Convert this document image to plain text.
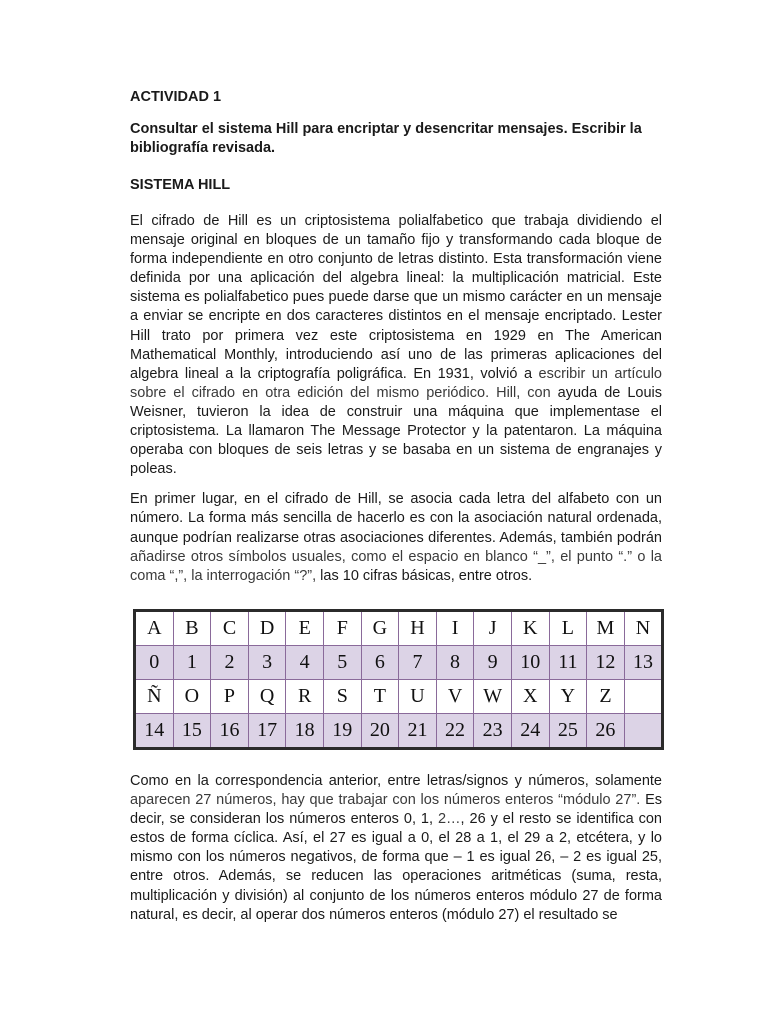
ACTIVIDAD 1

Consultar el sistema Hill para encriptar y desencritar mensajes. Escribir la bibliografía revisada.

SISTEMA HILL

El cifrado de Hill es un criptosistema polialfabetico que trabaja dividiendo el mensaje original en bloques de un tamaño fijo y transformando cada bloque de forma independiente en otro conjunto de letras distinto. Esta transformación viene definida por una aplicación del algebra lineal: la multiplicación matricial. Este sistema es polialfabetico pues puede darse que un mismo carácter en un mensaje a enviar se encripte en dos caracteres distintos en el mensaje encriptado. Lester Hill trato por primera vez este criptosistema en 1929 en The American Mathematical Monthly, introduciendo así uno de las primeras aplicaciones del algebra lineal a la criptografía poligráfica. En 1931, volvió a escribir un artículo sobre el cifrado en otra edición del mismo periódico. Hill, con ayuda de Louis Weisner, tuvieron la idea de construir una máquina que implementase el criptosistema. La llamaron The Message Protector y la patentaron. La máquina operaba con bloques de seis letras y se basaba en un sistema de engranajes y poleas.

En primer lugar, en el cifrado de Hill, se asocia cada letra del alfabeto con un número. La forma más sencilla de hacerlo es con la asociación natural ordenada, aunque podrían realizarse otras asociaciones diferentes. Además, también podrán añadirse otros símbolos usuales, como el espacio en blanco “_”, el punto “.” o la coma “,”, la interrogación “?”, las 10 cifras básicas, entre otros.

A	B	C	D	E	F	G	H	I	J	K	L	M	N
0	1	2	3	4	5	6	7	8	9	10	11	12	13
Ñ	O	P	Q	R	S	T	U	V	W	X	Y	Z	
14	15	16	17	18	19	20	21	22	23	24	25	26	

Como en la correspondencia anterior, entre letras/signos y números, solamente aparecen 27 números, hay que trabajar con los números enteros “módulo 27”. Es decir, se consideran los números enteros 0, 1, 2…, 26 y el resto se identifica con estos de forma cíclica. Así, el 27 es igual a 0, el 28 a 1, el 29 a 2, etcétera, y lo mismo con los números negativos, de forma que – 1 es igual 26, – 2 es igual 25, entre otros. Además, se reducen las operaciones aritméticas (suma, resta, multiplicación y división) al conjunto de los números enteros módulo 27 de forma natural, es decir, al operar dos números enteros (módulo 27) el resultado se
